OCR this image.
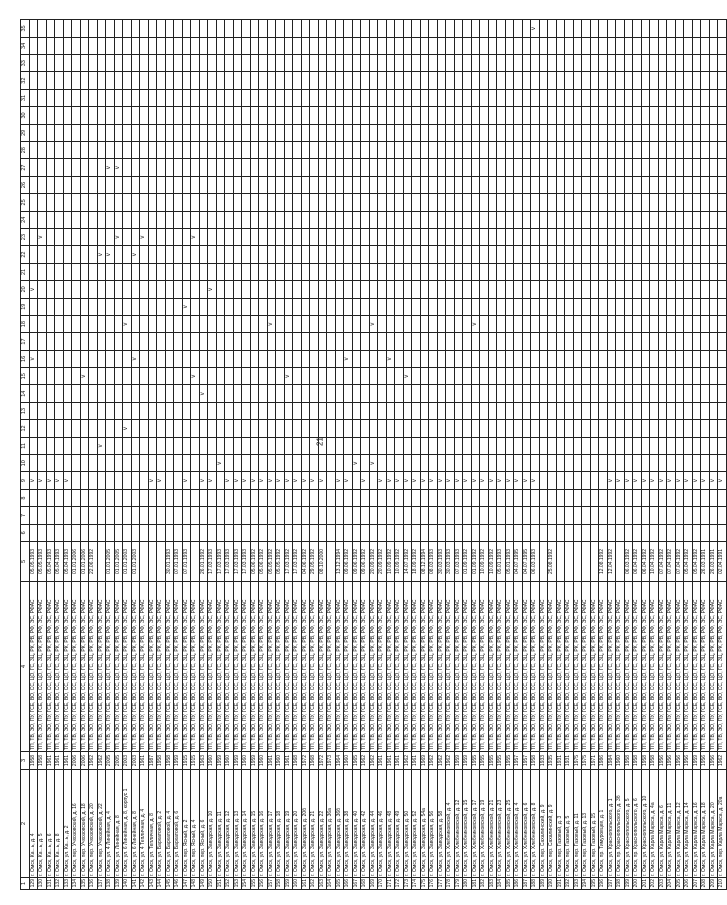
21
1	2	3	4	5	6	7	8	9	10	11	12	13	14	15	16	17	18	19	20	21	22	23	24	25	26	27	28	29	30	31	32	33	34	35
129	г. Омск, Ка...ь, д. 4	1958	ТП, ТВ, ЭО, ПУ, ГСЕ, ВО, СС, ЦО, ГС, ЗЦ, РК, РВ, РФ, ЭС, РФАС	05.05.1993				v							v				v															
130	г. Омск, Ка...ь, д. 5	1958	ТП, ТВ, ЭО, ПУ, ГСЕ, ВО, СС, ЦО, ГС, ЗЦ, РК, РВ, РФ, ЭС, РФАС	05.05.1993				v														v												
131	г. Омск, Ка...ь, д. 6	1961	ТП, ТВ, ЭО, ПУ, ГСЕ, ВО, СС, ЦО, ГС, ЗЦ, РК, РВ, РФ, ЭС, РФАС	05.04.1993				v																										
132	г. Омск, Ка...ь, д. 8	1961	ТП, ТВ, ЭО, ПУ, ГСЕ, ВО, СС, ЦО, ГС, ЗЦ, РК, РВ, РФ, ЭС, РФАС	05.04.1993				v																										
133	г. Омск, ул. Ка...ь, д. 2	1961	ТП, ТВ, ЭО, ПУ, ГСЕ, ВО, СС, ЦО, ГС, ЗЦ, РК, РВ, РФ, ЭС, РФАС	05.04.1993				v																										
134	г. Омск, пер. Учхозовский, д. 16	2006	ТП, ТВ, ЭО, ПУ, ГСЕ, ВО, СС, ЦО, ГС, ЗЦ, РК, РВ, РФ, ЭС, РФАС	01.01.2006																														
135	г. Омск, пер. Учхозовский, д. 18	2006	ТП, ТВ, ЭО, ПУ, ГСЕ, ВО, СС, ЦО, ГС, ЗЦ, РК, РВ, РФ, ЭС, РФАС	01.01.2006										v																				
136	г. Омск, пер. Учхозовский, д. 20	1962	ТП, ТВ, ЭО, ПУ, ГСЕ, ВО, СС, ЦО, ГС, ЗЦ, РК, РВ, РФ, ЭС, РФАС	22.06.1992																														
137	г. Омск, пер. Учхозовский, д. 22	1962	ТП, ТВ, ЭО, ПУ, ГСЕ, ВО, СС, ЦО, ГС, ЗЦ, РК, РВ, РФ, ЭС, РФАС							v											v													
138	г. Омск, ул. 4 Линейная, д. 4	2005	ТП, ТВ, ЭО, ПУ, ГСЕ, ВО, СС, ЦО, ГС, ЗЦ, РК, РВ, РФ, ЭС, РФАС	01.01.2005																	v					v								
139	г. Омск, ул. Линейная, д. 8	2005	ТП, ТВ, ЭО, ПУ, ГСЕ, ВО, СС, ЦО, ГС, ЗЦ, РК, РВ, РФ, ЭС, РФАС	01.01.2005																		v				v								
140	г. Омск, ул. 6 Линейная, д. 8, корпус 1	2003	ТП, ТВ, ЭО, ПУ, ГСЕ, ВО, СС, ЦО, ГС, ЗЦ, РК, РВ, РФ, ЭС, РФАС	01.01.2003							v						v																	
141	г. Омск, ул. 6 Линейная, д. 8	2003	ТП, ТВ, ЭО, ПУ, ГСЕ, ВО, СС, ЦО, ГС, ЗЦ, РК, РВ, РФ, ЭС, РФАС	01.01.2003											v						v													
142	г. Омск, ул. 4 Тепличная, д. 4	1961	ТП, ТВ, ЭО, ПУ, ГСЕ, ВО, СС, ЦО, ГС, ЗЦ, РК, РВ, РФ, ЭС, РФАС																			v												
143	г. Омск, ул. Тепличная, д. 8	1987	ТП, ТВ, ЭО, ПУ, ГСЕ, ВО, СС, ЦО, ГС, ЗЦ, РК, РВ, РФ, ЭС, РФАС					v																										
144	г. Омск, ул. Бархатовой, д. 2	1958	ТП, ТВ, ЭО, ПУ, ГСЕ, ВО, СС, ЦО, ГС, ЗЦ, РК, РВ, РФ, ЭС, РФАС					v																										
145	г. Омск, ул. Бархатовой, д. 4	1958	ТП, ТВ, ЭО, ПУ, ГСЕ, ВО, СС, ЦО, ГС, ЗЦ, РК, РВ, РФ, ЭС, РФАС	30.01.1993																														
146	г. Омск, ул. Бархатовой, д. 6	1959	ТП, ТВ, ЭО, ПУ, ГСЕ, ВО, СС, ЦО, ГС, ЗЦ, РК, РВ, РФ, ЭС, РФАС	07.01.1993																														
147	г. Омск, пер. Ясный, д. 2	1915	ТП, ТВ, ЭО, ПУ, ГСЕ, ВО, СС, ЦО, ГС, ЗЦ, РК, РВ, РФ, ЭС, РФАС	07.01.1993				v										v																
148	г. Омск, пер. Ясный, д. 4	1915	ТП, ТВ, ЭО, ПУ, ГСЕ, ВО, СС, ЦО, ГС, ЗЦ, РК, РВ, РФ, ЭС, РФАС											v								v												
149	г. Омск, пер. Ясный, д. 6	1963	ТП, ТВ, ЭО, ПУ, ГСЕ, ВО, СС, ЦО, ГС, ЗЦ, РК, РВ, РФ, ЭС, РФАС	26.01.1992				v					v																					
150	г. Омск, ул. Заводская, д. 10	1960	ТП, ТВ, ЭО, ПУ, ГСЕ, ВО, СС, ЦО, ГС, ЗЦ, РК, РВ, РФ, ЭС, РФАС	17.03.1993				v											v															
151	г. Омск, ул. Заводская, д. 11	1959	ТП, ТВ, ЭО, ПУ, ГСЕ, ВО, СС, ЦО, ГС, ЗЦ, РК, РВ, РФ, ЭС, РФАС	17.03.1993					v																									
152	г. Омск, ул. Заводская, д. 12	1960	ТП, ТВ, ЭО, ПУ, ГСЕ, ВО, СС, ЦО, ГС, ЗЦ, РК, РВ, РФ, ЭС, РФАС	17.03.1993				v																										
153	г. Омск, ул. Заводская, д. 13	1959	ТП, ТВ, ЭО, ПУ, ГСЕ, ВО, СС, ЦО, ГС, ЗЦ, РК, РВ, РФ, ЭС, РФАС	17.03.1993				v																										
154	г. Омск, ул. Заводская, д. 14	1960	ТП, ТВ, ЭО, ПУ, ГСЕ, ВО, СС, ЦО, ГС, ЗЦ, РК, РВ, РФ, ЭС, РФАС	17.03.1993				v																										
155	г. Омск, ул. Заводская, д. 15	1959	ТП, ТВ, ЭО, ПУ, ГСЕ, ВО, СС, ЦО, ГС, ЗЦ, РК, РВ, РФ, ЭС, РФАС	05.06.1992				v																										
156	г. Омск, ул. Заводская, д. 16	1960	ТП, ТВ, ЭО, ПУ, ГСЕ, ВО, СС, ЦО, ГС, ЗЦ, РК, РВ, РФ, ЭС, РФАС	05.06.1992				v																										
157	г. Омск, ул. Заводская, д. 17	1961	ТП, ТВ, ЭО, ПУ, ГСЕ, ВО, СС, ЦО, ГС, ЗЦ, РК, РВ, РФ, ЭС, РФАС	05.05.1992				v									v																	
158	г. Омск, ул. Заводская, д. 18	1960	ТП, ТВ, ЭО, ПУ, ГСЕ, ВО, СС, ЦО, ГС, ЗЦ, РК, РВ, РФ, ЭС, РФАС	05.05.1992				v																										
159	г. Омск, ул. Заводская, д. 19	1961	ТП, ТВ, ЭО, ПУ, ГСЕ, ВО, СС, ЦО, ГС, ЗЦ, РК, РВ, РФ, ЭС, РФАС	17.03.1992				v						v																				
160	г. Омск, ул. Заводская, д. 20	1968	ТП, ТВ, ЭО, ПУ, ГСЕ, ВО, СС, ЦО, ГС, ЗЦ, РК, РВ, РФ, ЭС, РФАС	17.03.1992				v																										
161	г. Омск, ул. Заводская, д. 20б	1972	ТП, ТВ, ЭО, ПУ, ГСЕ, ВО, СС, ЦО, ГС, ЗЦ, РК, РВ, РФ, ЭС, РФАС	04.06.1992				v																										
162	г. Омск, ул. Заводская, д. 21	1968	ТП, ТВ, ЭО, ПУ, ГСЕ, ВО, СС, ЦО, ГС, ЗЦ, РК, РВ, РФ, ЭС, РФАС	29.05.1992				v																										
163	г. Омск, ул. Заводская, д. 22	1972	ТП, ТВ, ЭО, ПУ, ГСЕ, ВО, СС, ЦО, ГС, ЗЦ, РК, РВ, РФ, ЭС, РФАС	08.10.2000				v																										
164	г. Омск, ул. Заводская, д. 36а	1973	ТП, ТВ, ЭО, ПУ, ГСЕ, ВО, СС, ЦО, ГС, ЗЦ, РК, РВ, РФ, ЭС, РФАС																															
165	г. Омск, ул. Заводская, д. 36б	1964	ТП, ТВ, ЭО, ПУ, ГСЕ, ВО, СС, ЦО, ГС, ЗЦ, РК, РВ, РФ, ЭС, РФАС	13.12.1994				v																										
166	г. Омск, ул. Заводская, д. 38	1960	ТП, ТВ, ЭО, ПУ, ГСЕ, ВО, СС, ЦО, ГС, ЗЦ, РК, РВ, РФ, ЭС, РФАС	09.06.1992				v							v																			
167	г. Омск, ул. Заводская, д. 40	1965	ТП, ТВ, ЭО, ПУ, ГСЕ, ВО, СС, ЦО, ГС, ЗЦ, РК, РВ, РФ, ЭС, РФАС	09.06.1992					v																									
168	г. Омск, ул. Заводская, д. 42	1962	ТП, ТВ, ЭО, ПУ, ГСЕ, ВО, СС, ЦО, ГС, ЗЦ, РК, РВ, РФ, ЭС, РФАС	09.06.1992				v																										
169	г. Омск, ул. Заводская, д. 44	1962	ТП, ТВ, ЭО, ПУ, ГСЕ, ВО, СС, ЦО, ГС, ЗЦ, РК, РВ, РФ, ЭС, РФАС	20.09.1992					v								v																	
170	г. Омск, ул. Заводская, д. 46	1961	ТП, ТВ, ЭО, ПУ, ГСЕ, ВО, СС, ЦО, ГС, ЗЦ, РК, РВ, РФ, ЭС, РФАС	20.09.1992				v																										
171	г. Омск, ул. Заводская, д. 48	1961	ТП, ТВ, ЭО, ПУ, ГСЕ, ВО, СС, ЦО, ГС, ЗЦ, РК, РВ, РФ, ЭС, РФАС	10.09.1992				v							v																			
172	г. Омск, ул. Заводская, д. 49	1961	ТП, ТВ, ЭО, ПУ, ГСЕ, ВО, СС, ЦО, ГС, ЗЦ, РК, РВ, РФ, ЭС, РФАС	10.09.1992				v																										
173	г. Омск, ул. Заводская, д. 50	1962	ТП, ТВ, ЭО, ПУ, ГСЕ, ВО, СС, ЦО, ГС, ЗЦ, РК, РВ, РФ, ЭС, РФАС	14.07.1992				v						v																				
174	г. Омск, ул. Заводская, д. 52	1961	ТП, ТВ, ЭО, ПУ, ГСЕ, ВО, СС, ЦО, ГС, ЗЦ, РК, РВ, РФ, ЭС, РФАС	18.09.1992				v																										
175	г. Омск, ул. Заводская, д. 54а	1969	ТП, ТВ, ЭО, ПУ, ГСЕ, ВО, СС, ЦО, ГС, ЗЦ, РК, РВ, РФ, ЭС, РФАС	08.12.1994				v																										
176	г. Омск, ул. Заводская, д. 56	1962	ТП, ТВ, ЭО, ПУ, ГСЕ, ВО, СС, ЦО, ГС, ЗЦ, РК, РВ, РФ, ЭС, РФАС	08.03.1993				v																										
177	г. Омск, ул. Заводская, д. 58	1962	ТП, ТВ, ЭО, ПУ, ГСЕ, ВО, СС, ЦО, ГС, ЗЦ, РК, РВ, РФ, ЭС, РФАС	30.03.1993				v																										
178	г. Омск, ул. Хлебниковской, д. 4	1962	ТП, ТВ, ЭО, ПУ, ГСЕ, ВО, СС, ЦО, ГС, ЗЦ, РК, РВ, РФ, ЭС, РФАС	30.03.1993				v																										
179	г. Омск, ул. Хлебниковской, д. 12	1959	ТП, ТВ, ЭО, ПУ, ГСЕ, ВО, СС, ЦО, ГС, ЗЦ, РК, РВ, РФ, ЭС, РФАС	07.03.1993				v																										
180	г. Омск, ул. Хлебниковской, д. 15	1959	ТП, ТВ, ЭО, ПУ, ГСЕ, ВО, СС, ЦО, ГС, ЗЦ, РК, РВ, РФ, ЭС, РФАС	01.09.1992				v																										
181	г. Омск, ул. Хлебниковской, д. 17	1955	ТП, ТВ, ЭО, ПУ, ГСЕ, ВО, СС, ЦО, ГС, ЗЦ, РК, РВ, РФ, ЭС, РФАС	01.09.1992				v									v																	
182	г. Омск, ул. Хлебниковской, д. 19	1955	ТП, ТВ, ЭО, ПУ, ГСЕ, ВО, СС, ЦО, ГС, ЗЦ, РК, РВ, РФ, ЭС, РФАС	10.09.1992				v																										
183	г. Омск, ул. Хлебниковской, д. 21	1955	ТП, ТВ, ЭО, ПУ, ГСЕ, ВО, СС, ЦО, ГС, ЗЦ, РК, РВ, РФ, ЭС, РФАС	10.09.1992				v																										
184	г. Омск, ул. Хлебниковской, д. 23	1955	ТП, ТВ, ЭО, ПУ, ГСЕ, ВО, СС, ЦО, ГС, ЗЦ, РК, РВ, РФ, ЭС, РФАС	05.01.1993				v																										
185	г. Омск, ул. Хлебниковской, д. 25	1955	ТП, ТВ, ЭО, ПУ, ГСЕ, ВО, СС, ЦО, ГС, ЗЦ, РК, РВ, РФ, ЭС, РФАС	05.01.1993				v																										
186	г. Омск, ул. Хлебниковской, д. 4	1957	ТП, ТВ, ЭО, ПУ, ГСЕ, ВО, СС, ЦО, ГС, ЗЦ, РК, РВ, РФ, ЭС, РФАС	04.07.1995				v																										
187	г. Омск, ул. Хлебниковской, д. 6	1957	ТП, ТВ, ЭО, ПУ, ГСЕ, ВО, СС, ЦО, ГС, ЗЦ, РК, РВ, РФ, ЭС, РФАС	04.07.1995				v																										
188	г. Омск, ул. Хлебниковской, д. 8	1958	ТП, ТВ, ЭО, ПУ, ГСЕ, ВО, СС, ЦО, ГС, ЗЦ, РК, РВ, РФ, ЭС, РФАС	06.03.1993				v																										v
189	г. Омск, пер. Сахалинский, д. 9	1933	ТП, ТВ, ЭО, ПУ, ГСЕ, ВО, СС, ЦО, ГС, ЗЦ, РК, РВ, РФ, ЭС, РФАС																															
190	г. Омск, пер. Сахалинский, д. 9	1935	ТП, ТВ, ЭО, ПУ, ГСЕ, ВО, СС, ЦО, ГС, ЗЦ, РК, РВ, РФ, ЭС, РФАС	25.08.1992																														
191	г. Омск, пер. Газовый, д. 3	1931	ТП, ТВ, ЭО, ПУ, ГСЕ, ВО, СС, ЦО, ГС, ЗЦ, РК, РВ, РФ, ЭС, РФАС																															
192	г. Омск, пер. Газовый, д. 5	1931	ТП, ТВ, ЭО, ПУ, ГСЕ, ВО, СС, ЦО, ГС, ЗЦ, РК, РВ, РФ, ЭС, РФАС																															
193	г. Омск, пер. Газовый, д. 11	1975	ТП, ТВ, ЭО, ПУ, ГСЕ, ВО, СС, ЦО, ГС, ЗЦ, РК, РВ, РФ, ЭС, РФАС																															
194	г. Омск, пер. Газовый, д. 13	1975	ТП, ТВ, ЭО, ПУ, ГСЕ, ВО, СС, ЦО, ГС, ЗЦ, РК, РВ, РФ, ЭС, РФАС																															
195	г. Омск, пер. Газовый, д. 15	1971	ТП, ТВ, ЭО, ПУ, ГСЕ, ВО, СС, ЦО, ГС, ЗЦ, РК, РВ, РФ, ЭС, РФАС																															
196	г. Омск, пр. Тимуровцев, д. 1	1986	ТП, ТВ, ЭО, ПУ, ГСЕ, ВО, СС, ЦО, ГС, ЗЦ, РК, РВ, РФ, ЭС, РФАС	12.08.1992																														
197	г. Омск, ул. Краснопольского, д. 1	1984	ТП, ТВ, ЭО, ПУ, ГСЕ, ВО, СС, ЦО, ГС, ЗЦ, РК, РВ, РФ, ЭС, РФАС	12.04.1992				v																										
198	г. Омск, пр. Краснопольского, д. 3б	1960	ТП, ТВ, ЭО, ПУ, ГСЕ, ВО, СС, ЦО, ГС, ЗЦ, РК, РВ, РФ, ЭС, РФАС					v																										
199	г. Омск, ул. Краснопольского, д. 5	1958	ТП, ТВ, ЭО, ПУ, ГСЕ, ВО, СС, ЦО, ГС, ЗЦ, РК, РВ, РФ, ЭС, РФАС	06.03.1992				v																										
200	г. Омск, пр. Краснопольского, д. 6	1958	ТП, ТВ, ЭО, ПУ, ГСЕ, ВО, СС, ЦО, ГС, ЗЦ, РК, РВ, РФ, ЭС, РФАС	06.04.1992				v																										
201	г. Омск, ул. Краснопольского, д. 10	1958	ТП, ТВ, ЭО, ПУ, ГСЕ, ВО, СС, ЦО, ГС, ЗЦ, РК, РВ, РФ, ЭС, РФАС	06.04.1992				v																										
202	г. Омск, ул. Карла Маркса, д. 4а	1958	ТП, ТВ, ЭО, ПУ, ГСЕ, ВО, СС, ЦО, ГС, ЗЦ, РК, РВ, РФ, ЭС, РФАС	10.04.1992				v																										
203	г. Омск, ул. Карла Маркса, д. 6	1956	ТП, ТВ, ЭО, ПУ, ГСЕ, ВО, СС, ЦО, ГС, ЗЦ, РК, РВ, РФ, ЭС, РФАС	07.04.1992				v																										
204	г. Омск, ул. Карла Маркса, д. 11	1956	ТП, ТВ, ЭО, ПУ, ГСЕ, ВО, СС, ЦО, ГС, ЗЦ, РК, РВ, РФ, ЭС, РФАС	07.04.1992				v																										
205	г. Омск, ул. Карла Маркса, д. 12	1956	ТП, ТВ, ЭО, ПУ, ГСЕ, ВО, СС, ЦО, ГС, ЗЦ, РК, РВ, РФ, ЭС, РФАС	07.04.1992				v																										
206	г. Омск, ул. Карла Маркса, д. 14	1956	ТП, ТВ, ЭО, ПУ, ГСЕ, ВО, СС, ЦО, ГС, ЗЦ, РК, РВ, РФ, ЭС, РФАС	05.04.1992				v																										
207	г. Омск, ул. Карла Маркса, д. 16	1959	ТП, ТВ, ЭО, ПУ, ГСЕ, ВО, СС, ЦО, ГС, ЗЦ, РК, РВ, РФ, ЭС, РФАС	05.04.1992				v																										
208	г. Омск, ул. Карла Маркса, д. 18	1956	ТП, ТВ, ЭО, ПУ, ГСЕ, ВО, СС, ЦО, ГС, ЗЦ, РК, РВ, РФ, ЭС, РФАС	26.03.1991				v																										
209	г. Омск, ул. Карла Маркса, д. 20	1956	ТП, ТВ, ЭО, ПУ, ГСЕ, ВО, СС, ЦО, ГС, ЗЦ, РК, РВ, РФ, ЭС, РФАС	26.03.1991				v																										
210	г. Омск, пер. Карла Маркса, д. 20а	1962	ТП, ТВ, ЭО, ПУ, ГСЕ, ВО, СС, ЦО, ГС, ЗЦ, РК, РВ, РФ, ЭС, РФАС	02.04.1991				v																										
